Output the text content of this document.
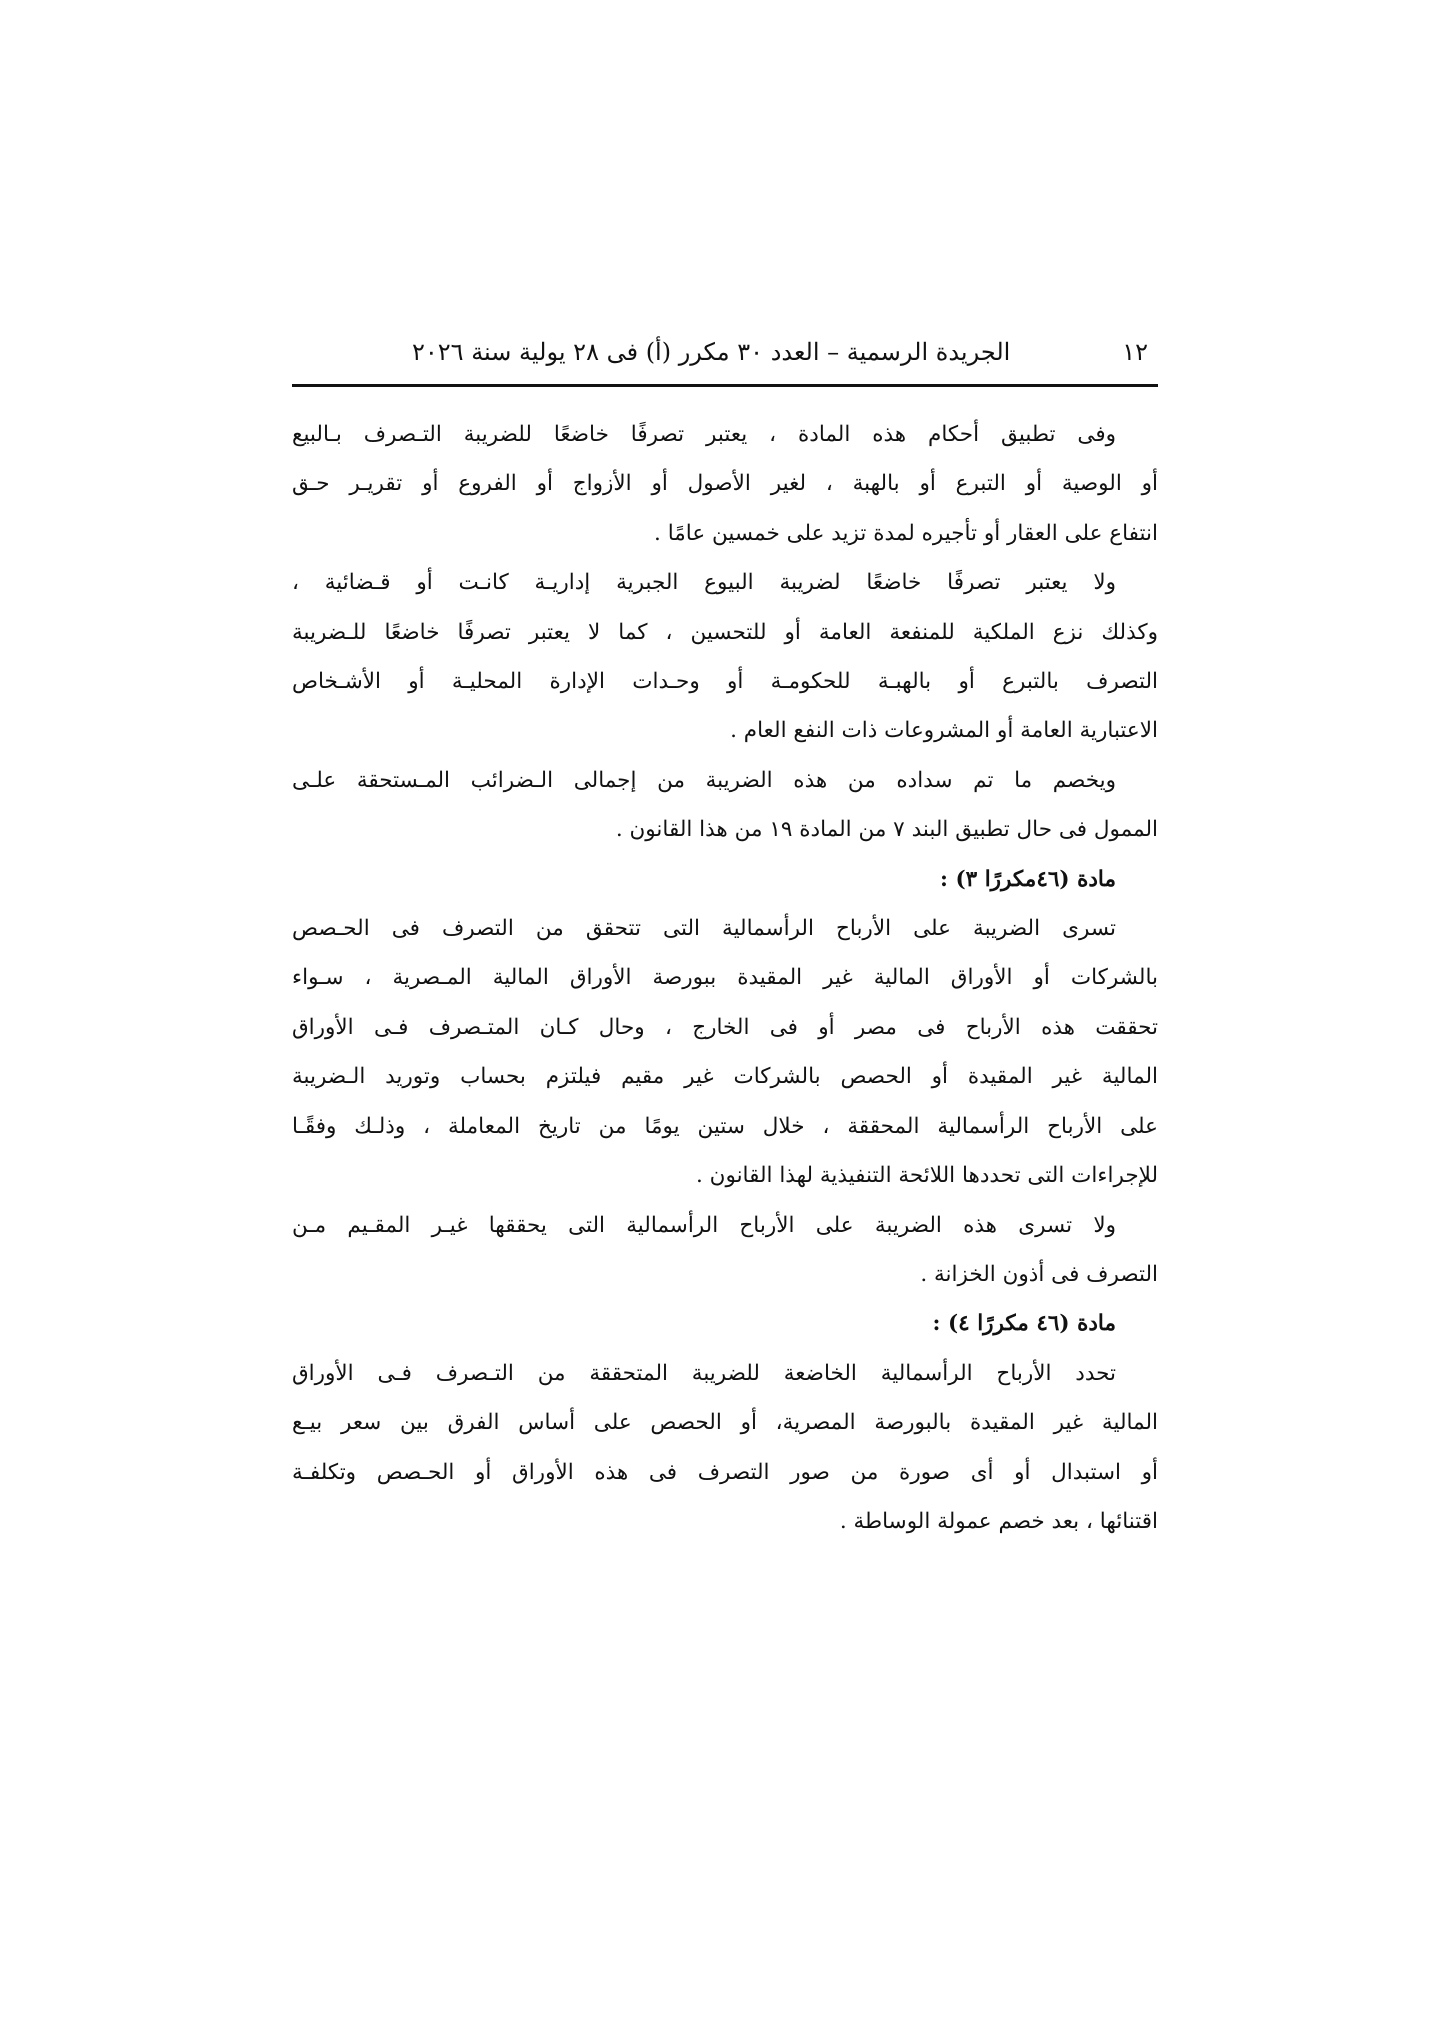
١٢
الجريدة الرسمية – العدد ٣٠ مكرر (أ) فى ٢٨ يولية سنة ٢٠٢٦

وفى تطبيق أحكام هذه المادة ، يعتبر تصرفًا خاضعًا للضريبة التـصرف بـالبيع
أو الوصية أو التبرع أو بالهبة ، لغير الأصول أو الأزواج أو الفروع أو تقريـر حـق
انتفاع على العقار أو تأجيره لمدة تزيد على خمسين عامًا .

ولا يعتبر تصرفًا خاضعًا لضريبة البيوع الجبرية إداريـة كانـت أو قـضائية ،
وكذلك نزع الملكية للمنفعة العامة أو للتحسين ، كما لا يعتبر تصرفًا خاضعًا للـضريبة
التصرف بالتبرع أو بالهبـة للحكومـة أو وحـدات الإدارة المحليـة أو الأشـخاص
الاعتبارية العامة أو المشروعات ذات النفع العام .

ويخصم ما تم سداده من هذه الضريبة من إجمالى الـضرائب المـستحقة علـى
الممول فى حال تطبيق البند ٧ من المادة ١٩ من هذا القانون .

مادة (٤٦مكررًا ٣) :

تسرى الضريبة على الأرباح الرأسمالية التى تتحقق من التصرف فى الحـصص
بالشركات أو الأوراق المالية غير المقيدة ببورصة الأوراق المالية المـصرية ، سـواء
تحققت هذه الأرباح فى مصر أو فى الخارج ، وحال كـان المتـصرف فـى الأوراق
المالية غير المقيدة أو الحصص بالشركات غير مقيم فيلتزم بحساب وتوريد الـضريبة
على الأرباح الرأسمالية المحققة ، خلال ستين يومًا من تاريخ المعاملة ، وذلـك وفقًـا
للإجراءات التى تحددها اللائحة التنفيذية لهذا القانون .

ولا تسرى هذه الضريبة على الأرباح الرأسمالية التى يحققها غيـر المقـيم مـن
التصرف فى أذون الخزانة .

مادة (٤٦ مكررًا ٤) :

تحدد الأرباح الرأسمالية الخاضعة للضريبة المتحققة من التـصرف فـى الأوراق
المالية غير المقيدة بالبورصة المصرية، أو الحصص على أساس الفرق بين سعر بيـع
أو استبدال أو أى صورة من صور التصرف فى هذه الأوراق أو الحـصص وتكلفـة
اقتنائها ، بعد خصم عمولة الوساطة .
